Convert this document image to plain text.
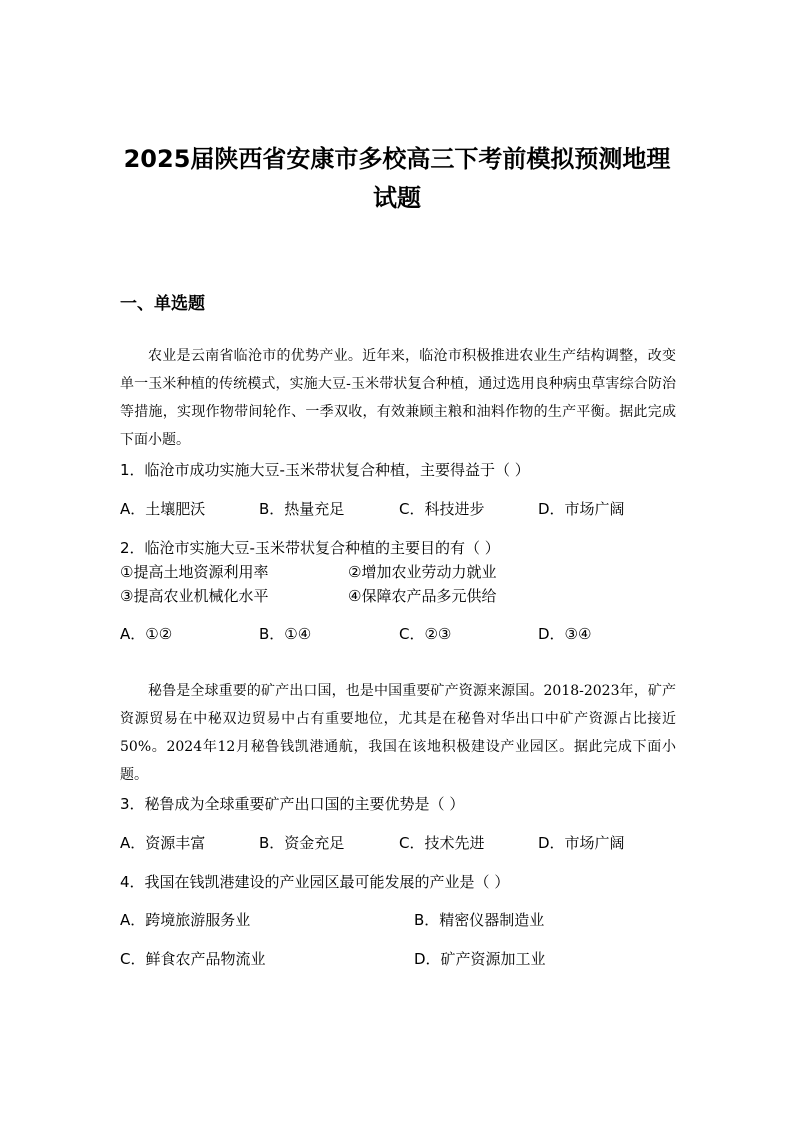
2025届陕西省安康市多校高三下考前模拟预测地理
试题
一、单选题

农业是云南省临沧市的优势产业。近年来，临沧市积极推进农业生产结构调整，改变单一玉米种植的传统模式，实施大豆-玉米带状复合种植，通过选用良种病虫草害综合防治等措施，实现作物带间轮作、一季双收，有效兼顾主粮和油料作物的生产平衡。据此完成下面小题。

1．临沧市成功实施大豆-玉米带状复合种植，主要得益于（ ）
A．土壤肥沃	B．热量充足	C．科技进步	D．市场广阔
2．临沧市实施大豆-玉米带状复合种植的主要目的有（ ）
①提高土地资源利用率	②增加农业劳动力就业
③提高农业机械化水平	④保障农产品多元供给
A．①②	B．①④	C．②③	D．③④

秘鲁是全球重要的矿产出口国，也是中国重要矿产资源来源国。2018-2023年，矿产资源贸易在中秘双边贸易中占有重要地位，尤其是在秘鲁对华出口中矿产资源占比接近50%。2024年12月秘鲁钱凯港通航，我国在该地积极建设产业园区。据此完成下面小题。

3．秘鲁成为全球重要矿产出口国的主要优势是（ ）
A．资源丰富	B．资金充足	C．技术先进	D．市场广阔
4．我国在钱凯港建设的产业园区最可能发展的产业是（ ）
A．跨境旅游服务业	B．精密仪器制造业
C．鲜食农产品物流业	D．矿产资源加工业
